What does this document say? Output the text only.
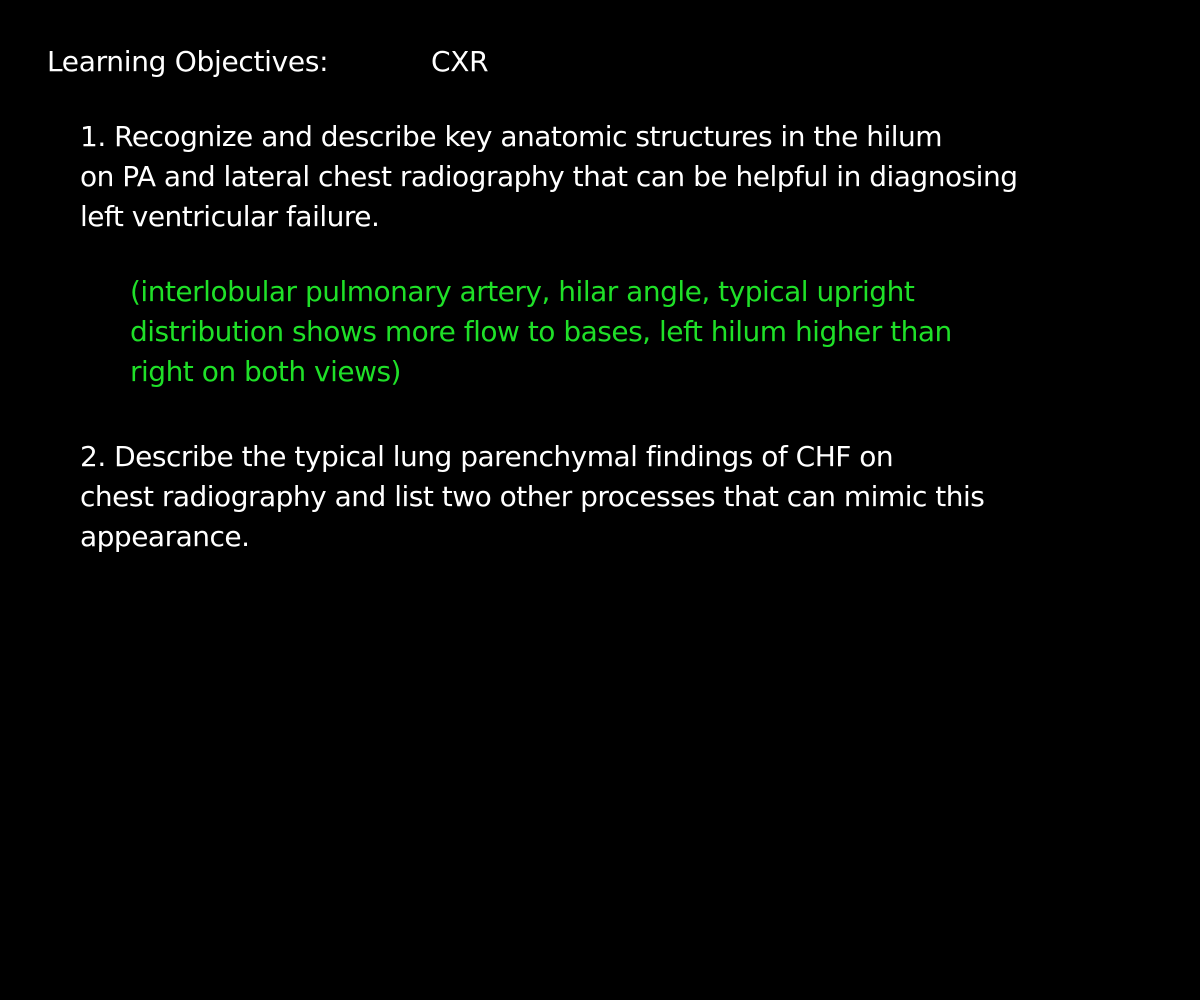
Learning Objectives:	CXR
1. Recognize and describe key anatomic structures in the hilum
on PA and lateral chest radiography that can be helpful in diagnosing
left ventricular failure.
(interlobular pulmonary artery, hilar angle, typical upright
distribution shows more flow to bases, left hilum higher than
right on both views)
2. Describe the typical lung parenchymal findings of CHF on
chest radiography and list two other processes that can mimic this
appearance.
